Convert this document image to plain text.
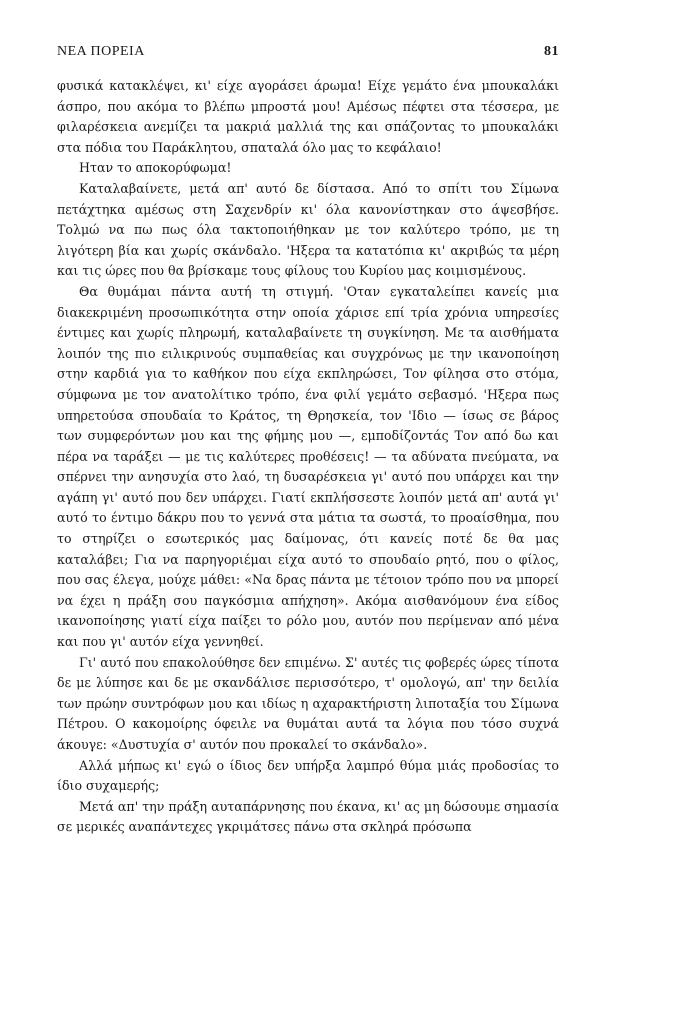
ΝΕΑ ΠΟΡΕΙΑ	81

φυσικά κατακλέψει, κι' είχε αγοράσει άρωμα! Είχε γεμάτο ένα μπουκαλάκι άσπρο, που ακόμα το βλέπω μπροστά μου! Αμέσως πέφτει στα τέσσερα, με φιλαρέσκεια ανεμίζει τα μακριά μαλλιά της και σπάζοντας το μπουκαλάκι στα πόδια του Παράκλητου, σπαταλά όλο μας το κεφάλαιο!

Ηταν το αποκορύφωμα!

Καταλαβαίνετε, μετά απ' αυτό δε δίστασα. Από το σπίτι του Σίμωνα πετάχτηκα αμέσως στη Σαχενδρίν κι' όλα κανονίστηκαν στο άψεσβήσε. Τολμώ να πω πως όλα τακτοποιήθηκαν με τον καλύτερο τρόπο, με τη λιγότερη βία και χωρίς σκάνδαλο. 'Ηξερα τα κατατόπια κι' ακριβώς τα μέρη και τις ώρες που θα βρίσκαμε τους φίλους του Κυρίου μας κοιμισμένους.

Θα θυμάμαι πάντα αυτή τη στιγμή. 'Οταν εγκαταλείπει κανείς μια διακεκριμένη προσωπικότητα στην οποία χάρισε επί τρία χρόνια υπηρεσίες έντιμες και χωρίς πληρωμή, καταλαβαίνετε τη συγκίνηση. Με τα αισθήματα λοιπόν της πιο ειλικρινούς συμπαθείας και συγχρόνως με την ικανοποίηση στην καρδιά για το καθήκον που είχα εκπληρώσει, Τον φίλησα στο στόμα, σύμφωνα με τον ανατολίτικο τρόπο, ένα φιλί γεμάτο σεβασμό. 'Ηξερα πως υπηρετούσα σπουδαία το Κράτος, τη Θρησκεία, τον 'Ιδιο — ίσως σε βάρος των συμφερόντων μου και της φήμης μου —, εμποδίζοντάς Τον από δω και πέρα να ταράξει — με τις καλύτερες προθέσεις! — τα αδύνατα πνεύματα, να σπέρνει την ανησυχία στο λαό, τη δυσαρέσκεια γι' αυτό που υπάρχει και την αγάπη γι' αυτό που δεν υπάρχει. Γιατί εκπλήσσεστε λοιπόν μετά απ' αυτά γι' αυτό το έντιμο δάκρυ που το γεννά στα μάτια τα σωστά, το προαίσθημα, που το στηρίζει ο εσωτερικός μας δαίμονας, ότι κανείς ποτέ δε θα μας καταλάβει; Για να παρηγοριέμαι είχα αυτό το σπουδαίο ρητό, που ο φίλος, που σας έλεγα, μούχε μάθει: «Να δρας πάντα με τέτοιον τρόπο που να μπορεί να έχει η πράξη σου παγκόσμια απήχηση». Ακόμα αισθανόμουν ένα είδος ικανοποίησης γιατί είχα παίξει το ρόλο μου, αυτόν που περίμεναν από μένα και που γι' αυτόν είχα γεννηθεί.

Γι' αυτό που επακολούθησε δεν επιμένω. Σ' αυτές τις φοβερές ώρες τίποτα δε με λύπησε και δε με σκανδάλισε περισσότερο, τ' ομολογώ, απ' την δειλία των πρώην συντρόφων μου και ιδίως η αχαρακτήριστη λιποταξία του Σίμωνα Πέτρου. Ο κακομοίρης όφειλε να θυμάται αυτά τα λόγια που τόσο συχνά άκουγε: «Δυστυχία σ' αυτόν που προκαλεί το σκάνδαλο».

Αλλά μήπως κι' εγώ ο ίδιος δεν υπήρξα λαμπρό θύμα μιάς προδοσίας το ίδιο συχαμερής;

Μετά απ' την πράξη αυταπάρνησης που έκανα, κι' ας μη δώσουμε σημασία σε μερικές αναπάντεχες γκριμάτσες πάνω στα σκληρά πρόσωπα
